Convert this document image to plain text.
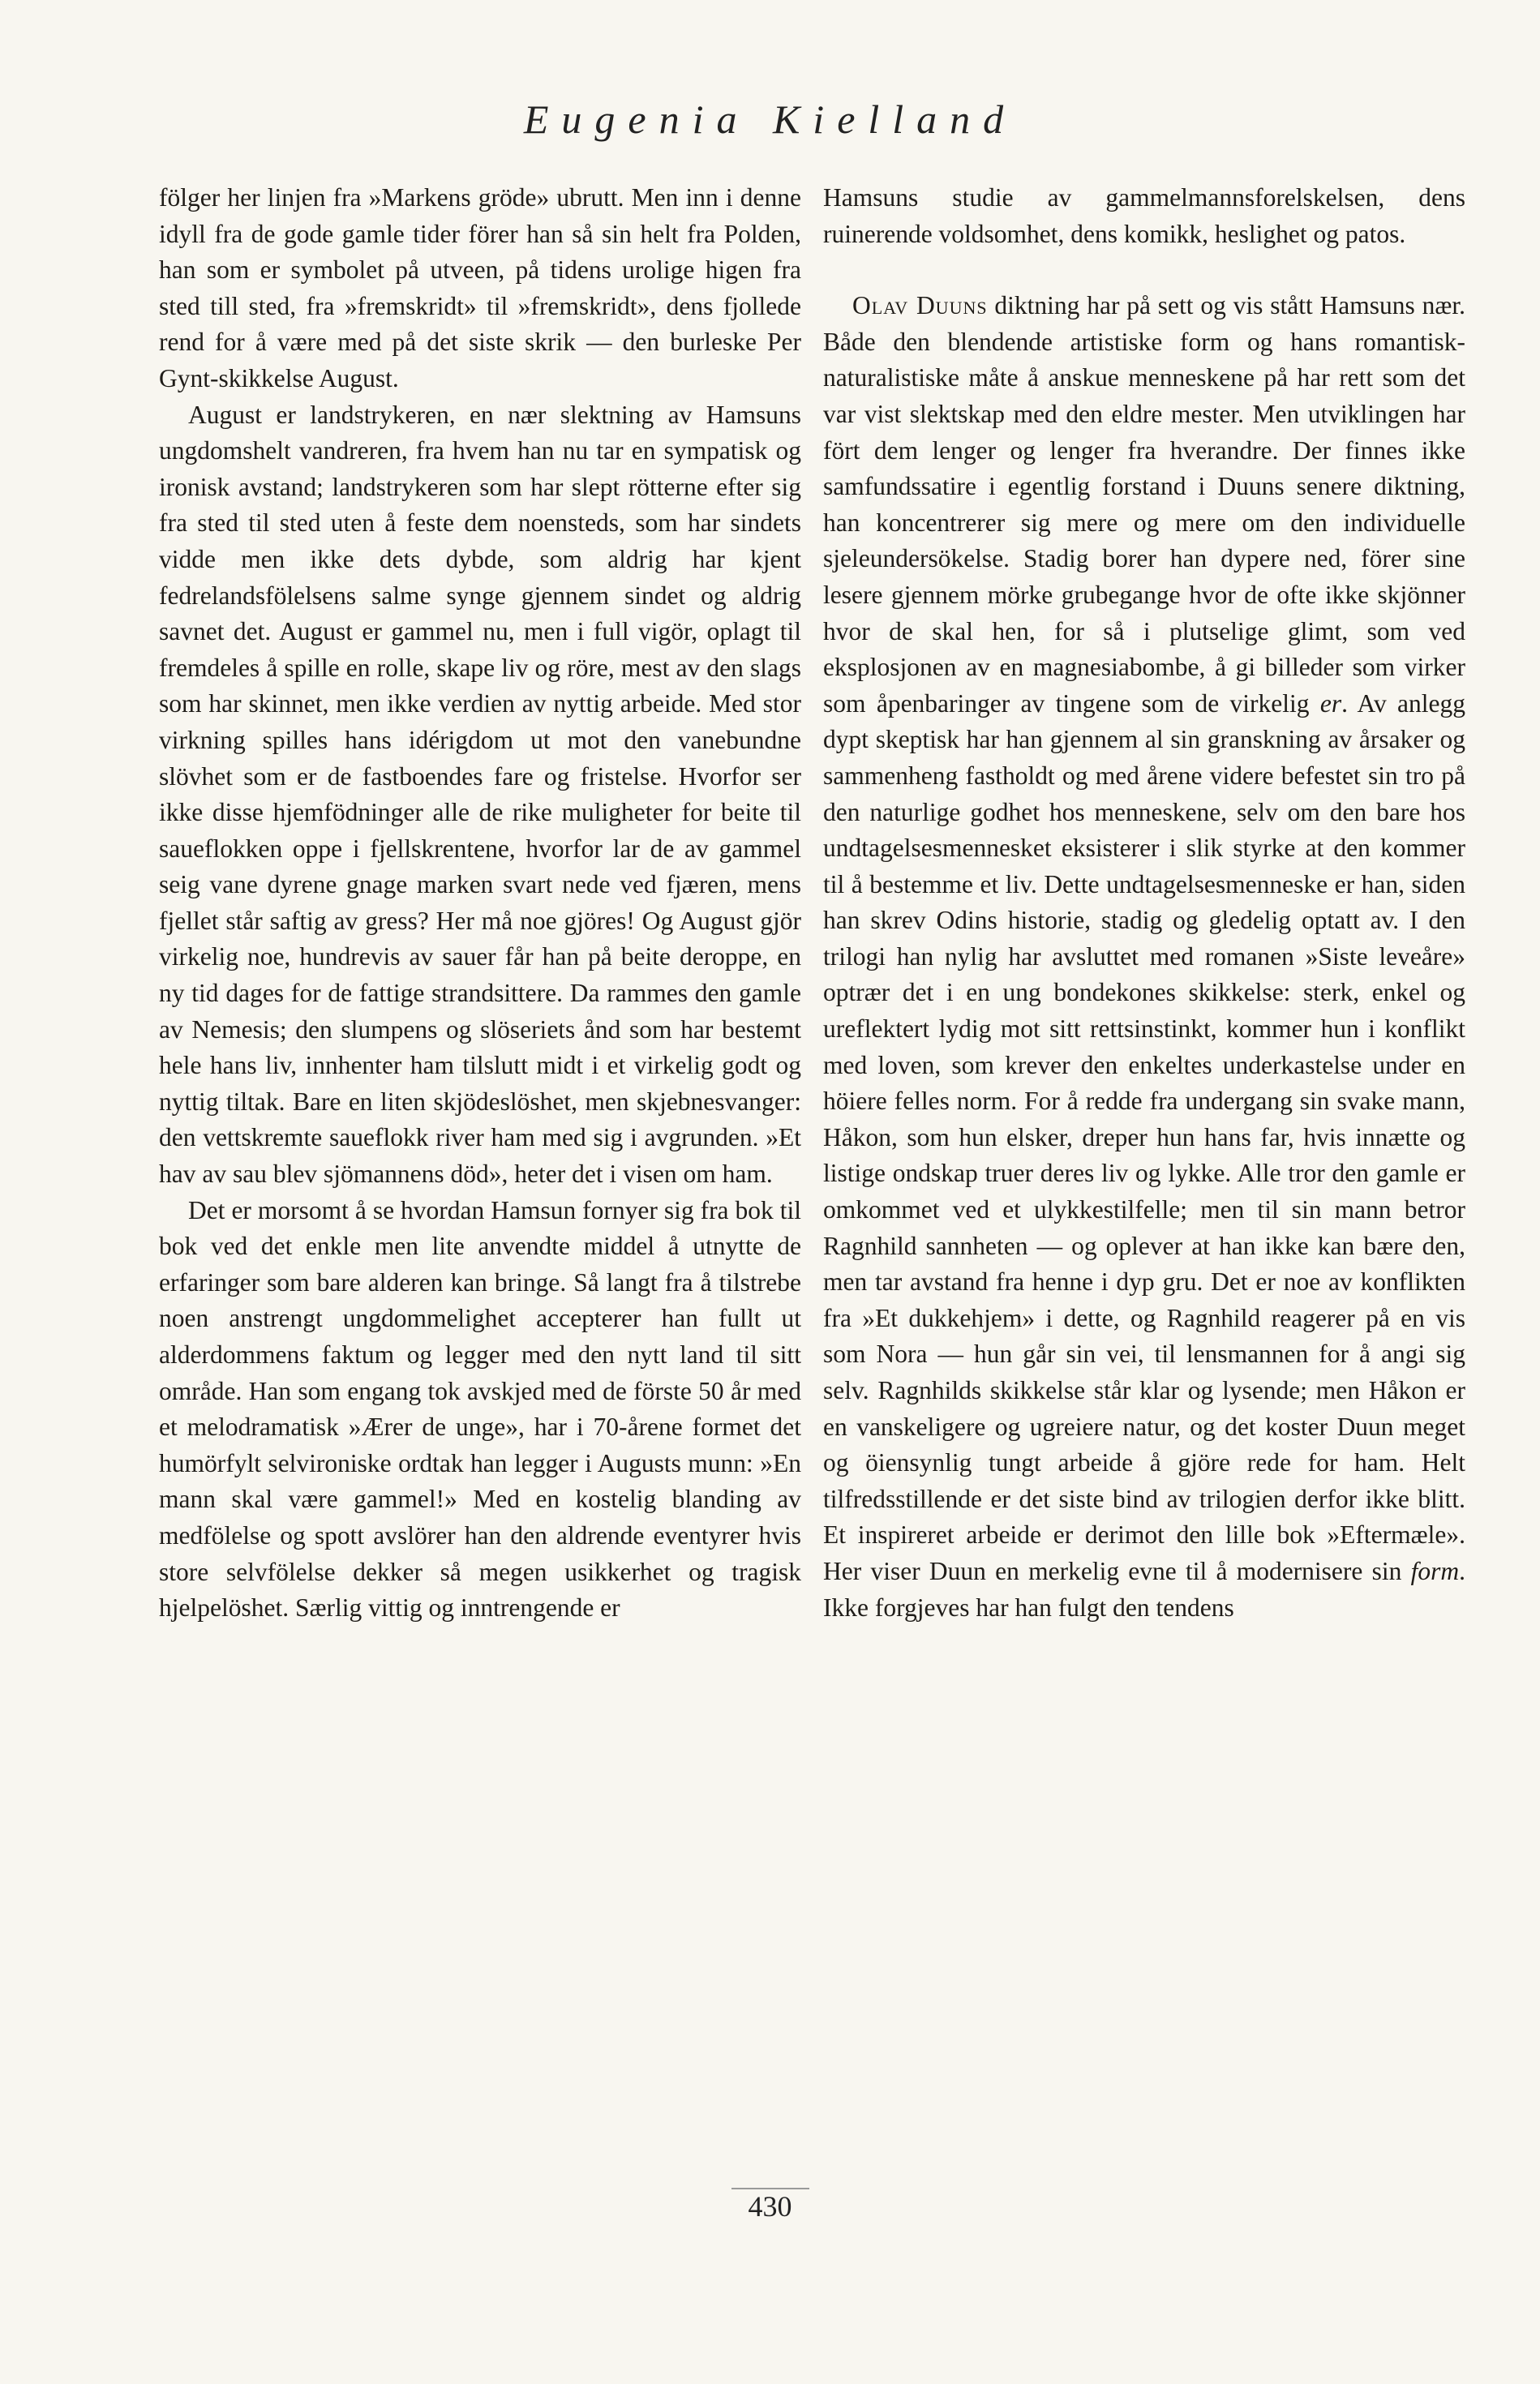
Eugenia Kielland

fölger her linjen fra »Markens gröde» ubrutt. Men inn i denne idyll fra de gode gamle tider förer han så sin helt fra Polden, han som er symbolet på utveen, på tidens urolige higen fra sted till sted, fra »fremskridt» til »fremskridt», dens fjollede rend for å være med på det siste skrik — den burleske Per Gynt-skikkelse August.

August er landstrykeren, en nær slektning av Hamsuns ungdomshelt vandreren, fra hvem han nu tar en sympatisk og ironisk avstand; landstrykeren som har slept rötterne efter sig fra sted til sted uten å feste dem noensteds, som har sindets vidde men ikke dets dybde, som aldrig har kjent fedrelandsfölelsens salme synge gjennem sindet og aldrig savnet det. August er gammel nu, men i full vigör, oplagt til fremdeles å spille en rolle, skape liv og röre, mest av den slags som har skinnet, men ikke verdien av nyttig arbeide. Med stor virkning spilles hans idérigdom ut mot den vanebundne slövhet som er de fastboendes fare og fristelse. Hvorfor ser ikke disse hjemfödninger alle de rike muligheter for beite til saueflokken oppe i fjellskrentene, hvorfor lar de av gammel seig vane dyrene gnage marken svart nede ved fjæren, mens fjellet står saftig av gress? Her må noe gjöres! Og August gjör virkelig noe, hundrevis av sauer får han på beite deroppe, en ny tid dages for de fattige strandsittere. Da rammes den gamle av Nemesis; den slumpens og slöseriets ånd som har bestemt hele hans liv, innhenter ham tilslutt midt i et virkelig godt og nyttig tiltak. Bare en liten skjödeslöshet, men skjebnesvanger: den vettskremte saueflokk river ham med sig i avgrunden. »Et hav av sau blev sjömannens död», heter det i visen om ham.

Det er morsomt å se hvordan Hamsun fornyer sig fra bok til bok ved det enkle men lite anvendte middel å utnytte de erfaringer som bare alderen kan bringe. Så langt fra å tilstrebe noen anstrengt ungdommelighet accepterer han fullt ut alderdommens faktum og legger med den nytt land til sitt område. Han som engang tok avskjed med de förste 50 år med et melodramatisk »Ærer de unge», har i 70-årene formet det humörfylt selvironiske ordtak han legger i Augusts munn: »En mann skal være gammel!» Med en kostelig blanding av medfölelse og spott avslörer han den aldrende eventyrer hvis store selvfölelse dekker så megen usikkerhet og tragisk hjelpelöshet. Særlig vittig og inntrengende er

Hamsuns studie av gammelmannsforelskelsen, dens ruinerende voldsomhet, dens komikk, heslighet og patos.

Olav Duuns diktning har på sett og vis stått Hamsuns nær. Både den blendende artistiske form og hans romantisk-naturalistiske måte å anskue menneskene på har rett som det var vist slektskap med den eldre mester. Men utviklingen har fört dem lenger og lenger fra hverandre. Der finnes ikke samfundssatire i egentlig forstand i Duuns senere diktning, han koncentrerer sig mere og mere om den individuelle sjeleundersökelse. Stadig borer han dypere ned, förer sine lesere gjennem mörke grubegange hvor de ofte ikke skjönner hvor de skal hen, for så i plutselige glimt, som ved eksplosjonen av en magnesiabombe, å gi billeder som virker som åpenbaringer av tingene som de virkelig er. Av anlegg dypt skeptisk har han gjennem al sin granskning av årsaker og sammenheng fastholdt og med årene videre befestet sin tro på den naturlige godhet hos menneskene, selv om den bare hos undtagelsesmennesket eksisterer i slik styrke at den kommer til å bestemme et liv. Dette undtagelsesmenneske er han, siden han skrev Odins historie, stadig og gledelig optatt av. I den trilogi han nylig har avsluttet med romanen »Siste leveåre» optrær det i en ung bondekones skikkelse: sterk, enkel og ureflektert lydig mot sitt rettsinstinkt, kommer hun i konflikt med loven, som krever den enkeltes underkastelse under en höiere felles norm. For å redde fra undergang sin svake mann, Håkon, som hun elsker, dreper hun hans far, hvis innætte og listige ondskap truer deres liv og lykke. Alle tror den gamle er omkommet ved et ulykkestilfelle; men til sin mann betror Ragnhild sannheten — og oplever at han ikke kan bære den, men tar avstand fra henne i dyp gru. Det er noe av konflikten fra »Et dukkehjem» i dette, og Ragnhild reagerer på en vis som Nora — hun går sin vei, til lensmannen for å angi sig selv. Ragnhilds skikkelse står klar og lysende; men Håkon er en vanskeligere og ugreiere natur, og det koster Duun meget og öiensynlig tungt arbeide å gjöre rede for ham. Helt tilfredsstillende er det siste bind av trilogien derfor ikke blitt. Et inspireret arbeide er derimot den lille bok »Eftermæle». Her viser Duun en merkelig evne til å modernisere sin form. Ikke forgjeves har han fulgt den tendens

430
